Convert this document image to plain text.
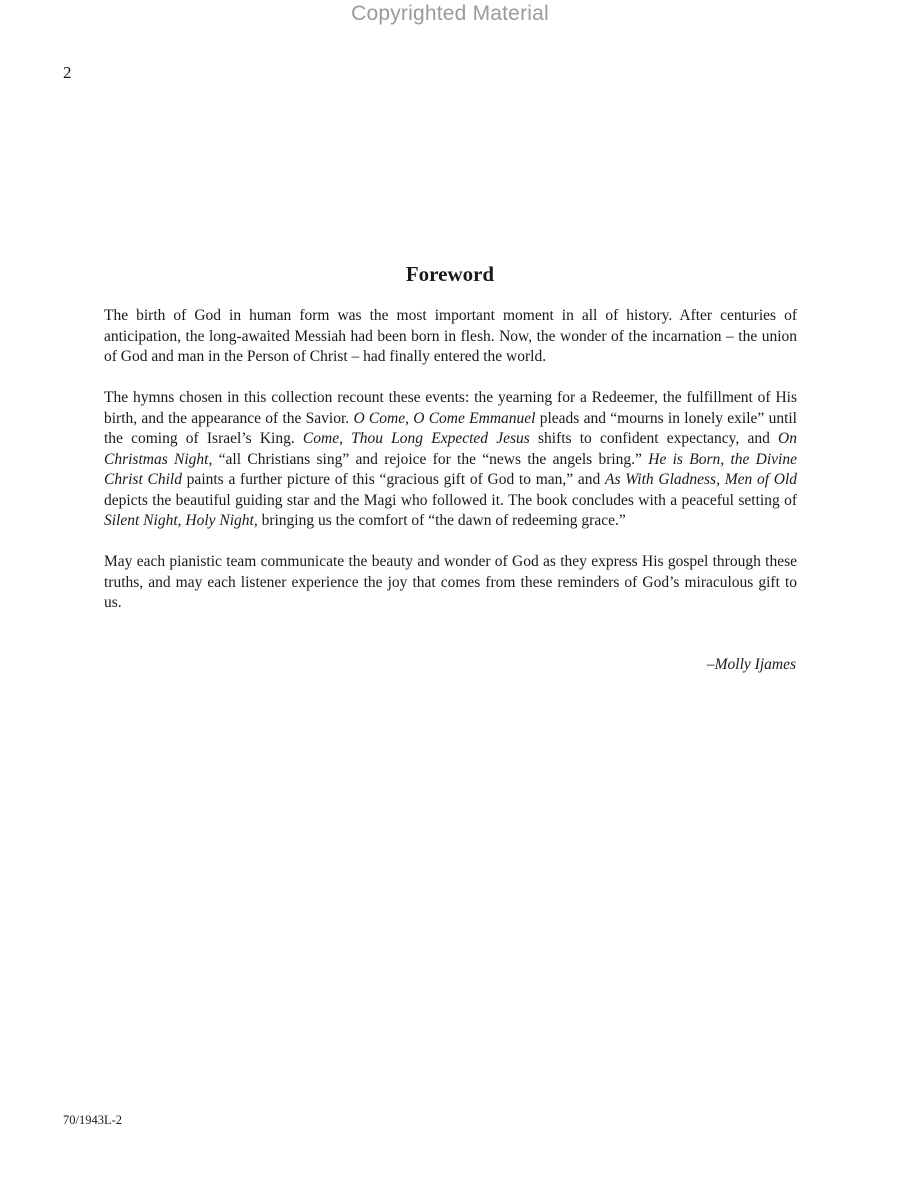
Copyrighted Material
2
Foreword

The birth of God in human form was the most important moment in all of history. After centuries of anticipation, the long-awaited Messiah had been born in flesh. Now, the wonder of the incarnation – the union of God and man in the Person of Christ – had finally entered the world.

The hymns chosen in this collection recount these events: the yearning for a Redeemer, the fulfillment of His birth, and the appearance of the Savior. O Come, O Come Emmanuel pleads and “mourns in lonely exile” until the coming of Israel’s King. Come, Thou Long Expected Jesus shifts to confident expectancy, and On Christmas Night, “all Christians sing” and rejoice for the “news the angels bring.” He is Born, the Divine Christ Child paints a further picture of this “gracious gift of God to man,” and As With Gladness, Men of Old depicts the beautiful guiding star and the Magi who followed it. The book concludes with a peaceful setting of Silent Night, Holy Night, bringing us the comfort of “the dawn of redeeming grace.”

May each pianistic team communicate the beauty and wonder of God as they express His gospel through these truths, and may each listener experience the joy that comes from these reminders of God’s miraculous gift to us.

–Molly Ijames
70/1943L-2
